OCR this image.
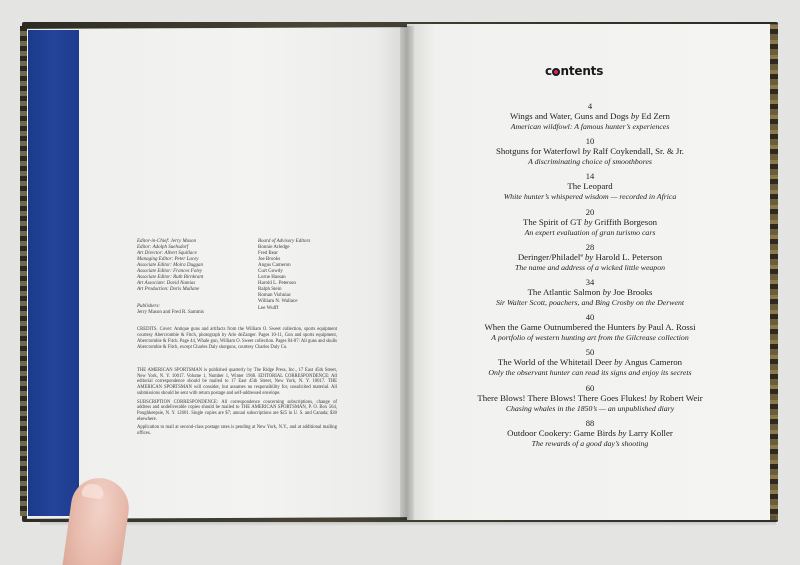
Editor-in-Chief: Jerry Mason
Editor: Adolph Suehsdorf
Art Director: Albert Squillace
Managing Editor: Peter Lacey
Associate Editor: Moira Duggan
Associate Editor: Frances Foley
Associate Editor: Ruth Birnkrant
Art Associate: David Namias
Art Production: Doris Mullane
Board of Advisory Editors
Bonnie Arledge
Fred Bear
Joe Brooks
Angus Cameron
Curt Gowdy
Lorne Hassan
Harold L. Peterson
Ralph Stein
Roman Vishniac
William N. Wallace
Lee Wulff
Publishers:
Jerry Mason and Fred R. Sammis
CREDITS. Cover: Antique guns and artifacts from the William O. Sweet collection, sports equipment courtesy Abercrombie & Fitch, photograph by Arie deZanger. Pages 10-11, Gun and sports equipment, Abercrombie & Fitch. Page 44, Whale gun, William O. Sweet collection. Pages 84-87: All guns and skulls Abercrombie & Fitch, except Charles Daly shotguns, courtesy Charles Daly Co.

THE AMERICAN SPORTSMAN is published quarterly by The Ridge Press, Inc., 17 East 45th Street, New York, N. Y. 10017. Volume 1, Number 1, Winter 1968. EDITORIAL CORRESPONDENCE: All editorial correspondence should be mailed to 17 East 45th Street, New York, N. Y. 10017. THE AMERICAN SPORTSMAN will consider, but assumes no responsibility for, unsolicited material. All submissions should be sent with return postage and self-addressed envelope.

SUBSCRIPTION CORRESPONDENCE: All correspondence concerning subscriptions, change of address and undeliverable copies should be mailed to THE AMERICAN SPORTSMAN, P. O. Box 564, Poughkeepsie, N. Y. 12601. Single copies are $7; annual subscriptions are $25 in U. S. and Canada; $30 elsewhere.

Application to mail at second-class postage rates is pending at New York, N.Y., and at additional mailing offices.

c ntents
4
Wings and Water, Guns and Dogs by Ed Zern
American wildfowl: A famous hunter’s experiences
10
Shotguns for Waterfowl by Ralf Coykendall, Sr. & Jr.
A discriminating choice of smoothbores
14
The Leopard
White hunter’s whispered wisdom — recorded in Africa
20
The Spirit of GT by Griffith Borgeson
An expert evaluation of gran turismo cars
28
Deringer/Philadelª by Harold L. Peterson
The name and address of a wicked little weapon
34
The Atlantic Salmon by Joe Brooks
Sir Walter Scott, poachers, and Bing Crosby on the Derwent
40
When the Game Outnumbered the Hunters by Paul A. Rossi
A portfolio of western hunting art from the Gilcrease collection
50
The World of the Whitetail Deer by Angus Cameron
Only the observant hunter can read its signs and enjoy its secrets
60
There Blows! There Blows! There Goes Flukes! by Robert Weir
Chasing whales in the 1850’s — an unpublished diary
88
Outdoor Cookery: Game Birds by Larry Koller
The rewards of a good day’s shooting
